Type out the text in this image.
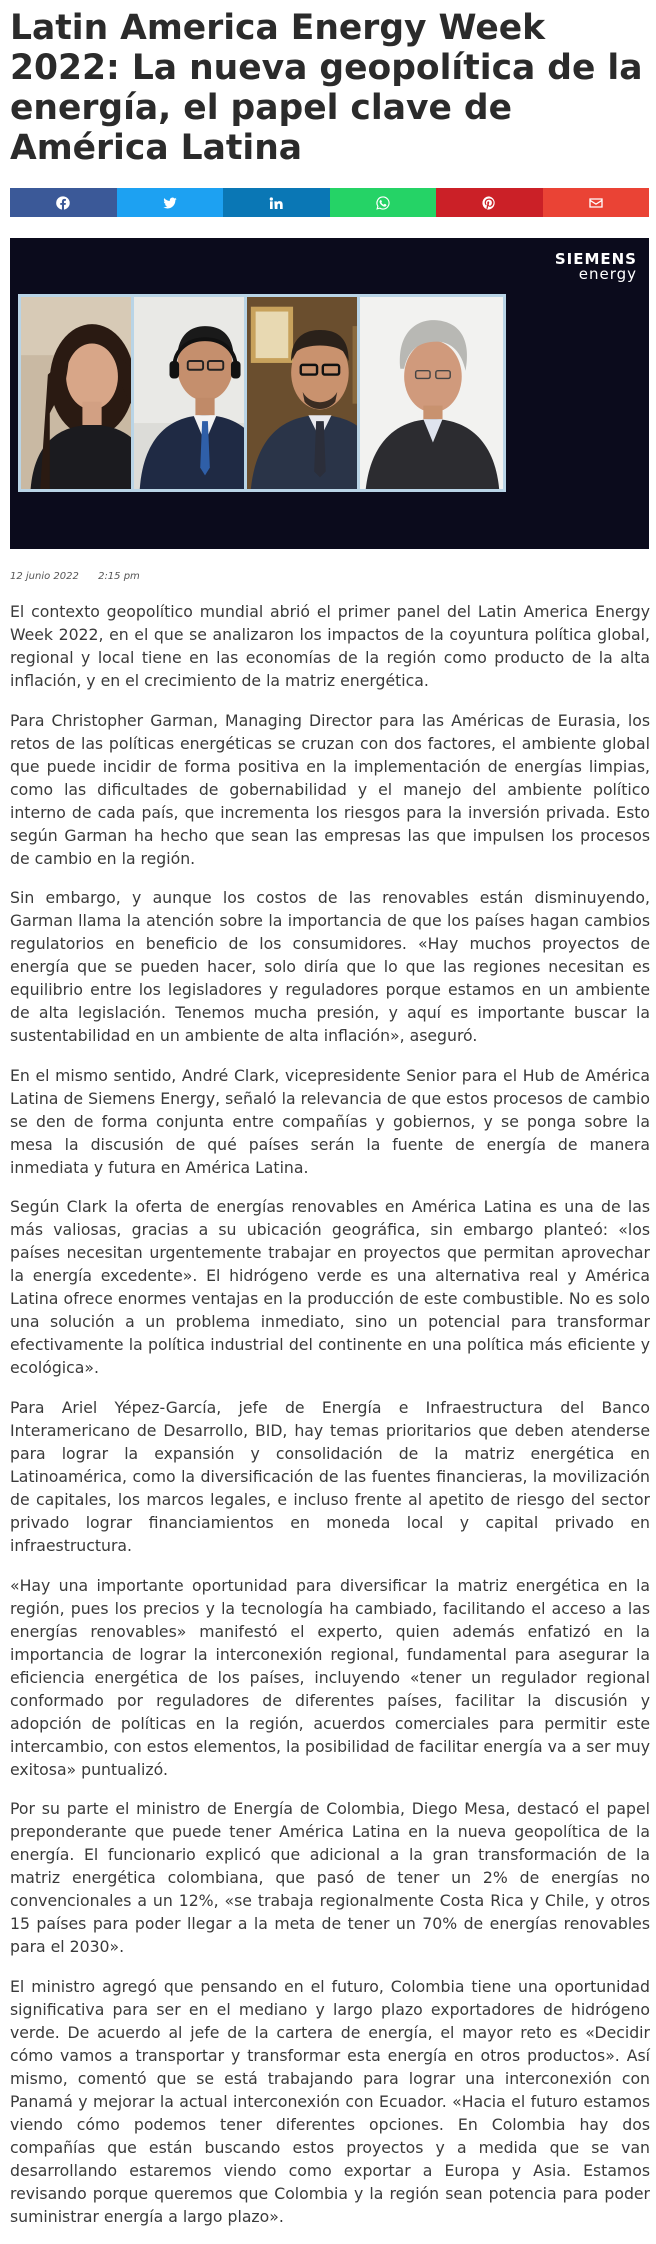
Latin America Energy Week 2022: La nueva geopolítica de la energía, el papel clave de América Latina
SIEMENS
energy
12 junio 2022 2:15 pm

El contexto geopolítico mundial abrió el primer panel del Latin America Energy Week 2022, en el que se analizaron los impactos de la coyuntura política global, regional y local tiene en las economías de la región como producto de la alta inflación, y en el crecimiento de la matriz energética.

Para Christopher Garman, Managing Director para las Américas de Eurasia, los retos de las políticas energéticas se cruzan con dos factores, el ambiente global que puede incidir de forma positiva en la implementación de energías limpias, como las dificultades de gobernabilidad y el manejo del ambiente político interno de cada país, que incrementa los riesgos para la inversión privada. Esto según Garman ha hecho que sean las empresas las que impulsen los procesos de cambio en la región.

Sin embargo, y aunque los costos de las renovables están disminuyendo, Garman llama la atención sobre la importancia de que los países hagan cambios regulatorios en beneficio de los consumidores. «Hay muchos proyectos de energía que se pueden hacer, solo diría que lo que las regiones necesitan es equilibrio entre los legisladores y reguladores porque estamos en un ambiente de alta legislación. Tenemos mucha presión, y aquí es importante buscar la sustentabilidad en un ambiente de alta inflación», aseguró.

En el mismo sentido, André Clark, vicepresidente Senior para el Hub de América Latina de Siemens Energy, señaló la relevancia de que estos procesos de cambio se den de forma conjunta entre compañías y gobiernos, y se ponga sobre la mesa la discusión de qué países serán la fuente de energía de manera inmediata y futura en América Latina.

Según Clark la oferta de energías renovables en América Latina es una de las más valiosas, gracias a su ubicación geográfica, sin embargo planteó: «los países necesitan urgentemente trabajar en proyectos que permitan aprovechar la energía excedente». El hidrógeno verde es una alternativa real y América Latina ofrece enormes ventajas en la producción de este combustible. No es solo una solución a un problema inmediato, sino un potencial para transformar efectivamente la política industrial del continente en una política más eficiente y ecológica».

Para Ariel Yépez-García, jefe de Energía e Infraestructura del Banco Interamericano de Desarrollo, BID, hay temas prioritarios que deben atenderse para lograr la expansión y consolidación de la matriz energética en Latinoamérica, como la diversificación de las fuentes financieras, la movilización de capitales, los marcos legales, e incluso frente al apetito de riesgo del sector privado lograr financiamientos en moneda local y capital privado en infraestructura.

«Hay una importante oportunidad para diversificar la matriz energética en la región, pues los precios y la tecnología ha cambiado, facilitando el acceso a las energías renovables» manifestó el experto, quien además enfatizó en la importancia de lograr la interconexión regional, fundamental para asegurar la eficiencia energética de los países, incluyendo «tener un regulador regional conformado por reguladores de diferentes países, facilitar la discusión y adopción de políticas en la región, acuerdos comerciales para permitir este intercambio, con estos elementos, la posibilidad de facilitar energía va a ser muy exitosa» puntualizó.

Por su parte el ministro de Energía de Colombia, Diego Mesa, destacó el papel preponderante que puede tener América Latina en la nueva geopolítica de la energía. El funcionario explicó que adicional a la gran transformación de la matriz energética colombiana, que pasó de tener un 2% de energías no convencionales a un 12%, «se trabaja regionalmente Costa Rica y Chile, y otros 15 países para poder llegar a la meta de tener un 70% de energías renovables para el 2030».

El ministro agregó que pensando en el futuro, Colombia tiene una oportunidad significativa para ser en el mediano y largo plazo exportadores de hidrógeno verde. De acuerdo al jefe de la cartera de energía, el mayor reto es «Decidir cómo vamos a transportar y transformar esta energía en otros productos». Así mismo, comentó que se está trabajando para lograr una interconexión con Panamá y mejorar la actual interconexión con Ecuador. «Hacia el futuro estamos viendo cómo podemos tener diferentes opciones. En Colombia hay dos compañías que están buscando estos proyectos y a medida que se van desarrollando estaremos viendo como exportar a Europa y Asia. Estamos revisando porque queremos que Colombia y la región sean potencia para poder suministrar energía a largo plazo».
